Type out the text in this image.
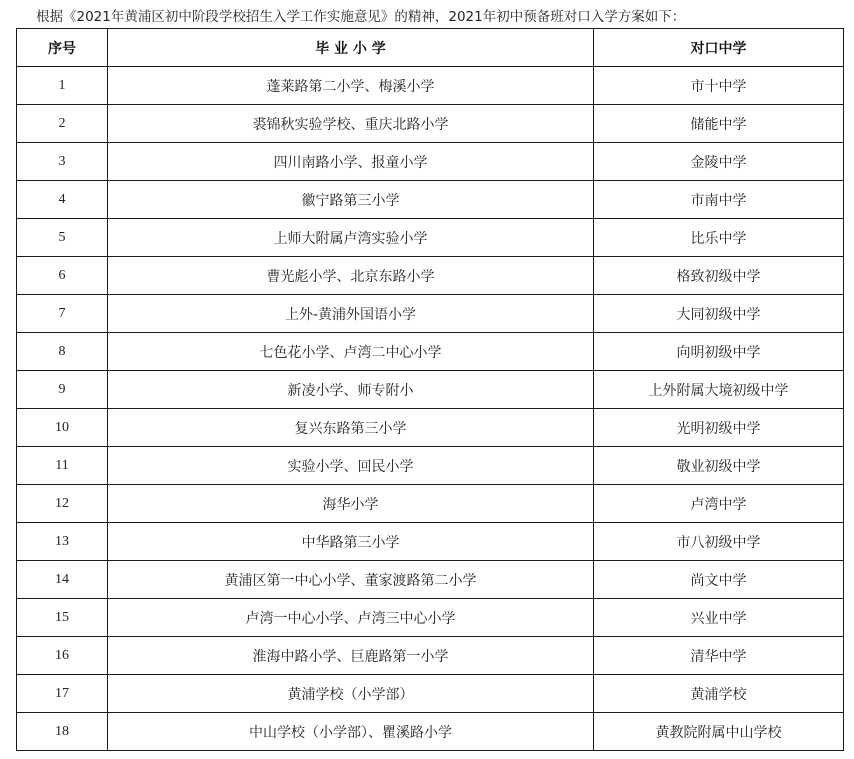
根据《2021年黄浦区初中阶段学校招生入学工作实施意见》的精神，2021年初中预备班对口入学方案如下：
序号	毕 业 小 学	对口中学
1	蓬莱路第二小学、梅溪小学	市十中学
2	裘锦秋实验学校、重庆北路小学	储能中学
3	四川南路小学、报童小学	金陵中学
4	徽宁路第三小学	市南中学
5	上师大附属卢湾实验小学	比乐中学
6	曹光彪小学、北京东路小学	格致初级中学
7	上外-黄浦外国语小学	大同初级中学
8	七色花小学、卢湾二中心小学	向明初级中学
9	新凌小学、师专附小	上外附属大境初级中学
10	复兴东路第三小学	光明初级中学
11	实验小学、回民小学	敬业初级中学
12	海华小学	卢湾中学
13	中华路第三小学	市八初级中学
14	黄浦区第一中心小学、董家渡路第二小学	尚文中学
15	卢湾一中心小学、卢湾三中心小学	兴业中学
16	淮海中路小学、巨鹿路第一小学	清华中学
17	黄浦学校（小学部）	黄浦学校
18	中山学校（小学部）、瞿溪路小学	黄教院附属中山学校
